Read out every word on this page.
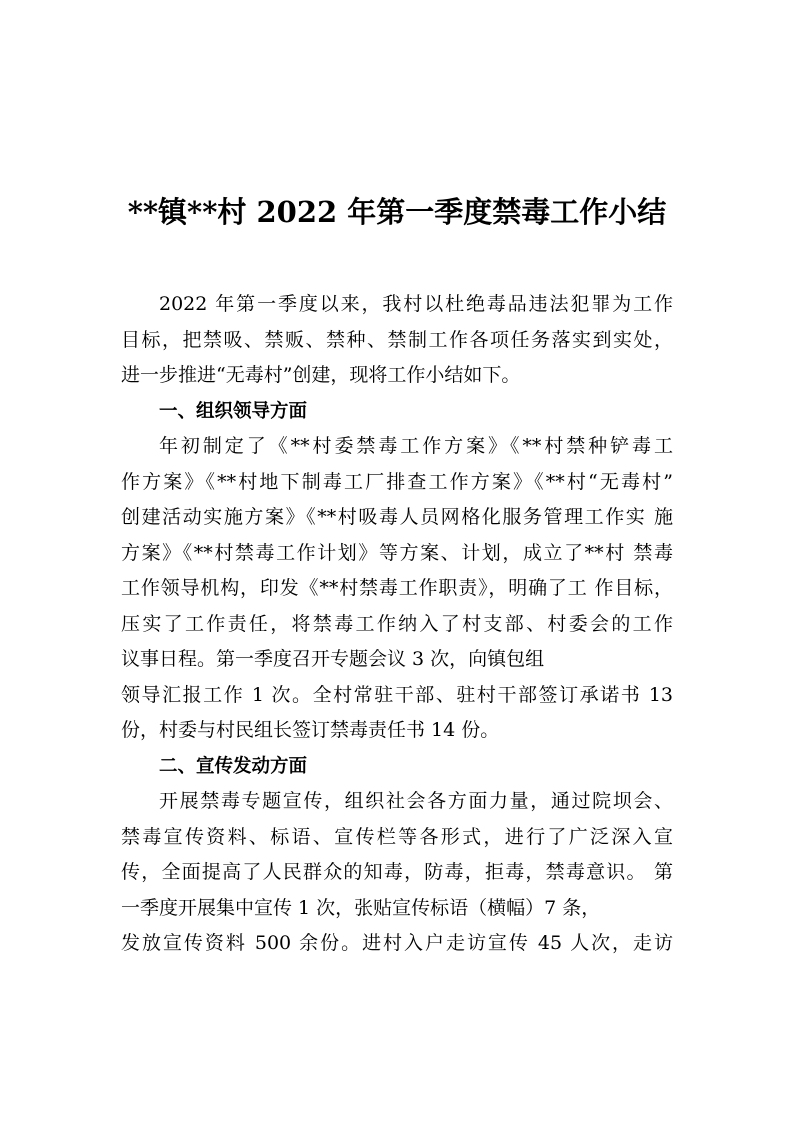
**镇**村 2022 年第一季度禁毒工作小结
2022 年第一季度以来，我村以杜绝毒品违法犯罪为工作
目标，把禁吸、禁贩、禁种、禁制工作各项任务落实到实处，
进一步推进“无毒村”创建，现将工作小结如下。
一、组织领导方面
年初制定了《**村委禁毒工作方案》《**村禁种铲毒工
作方案》《**村地下制毒工厂排查工作方案》《**村“无毒村”
创建活动实施方案》《**村吸毒人员网格化服务管理工作实 施
方案》《**村禁毒工作计划》等方案、计划，成立了**村 禁毒
工作领导机构，印发《**村禁毒工作职责》，明确了工 作目标，
压实了工作责任，将禁毒工作纳入了村支部、村委会的工作
议事日程。第一季度召开专题会议 3 次，向镇包组
领导汇报工作 1 次。全村常驻干部、驻村干部签订承诺书 13
份，村委与村民组长签订禁毒责任书 14 份。
二、宣传发动方面
开展禁毒专题宣传，组织社会各方面力量，通过院坝会、
禁毒宣传资料、标语、宣传栏等各形式，进行了广泛深入宣
传，全面提高了人民群众的知毒，防毒，拒毒，禁毒意识。 第
一季度开展集中宣传 1 次，张贴宣传标语（横幅）7 条，
发放宣传资料 500 余份。进村入户走访宣传 45 人次，走访
